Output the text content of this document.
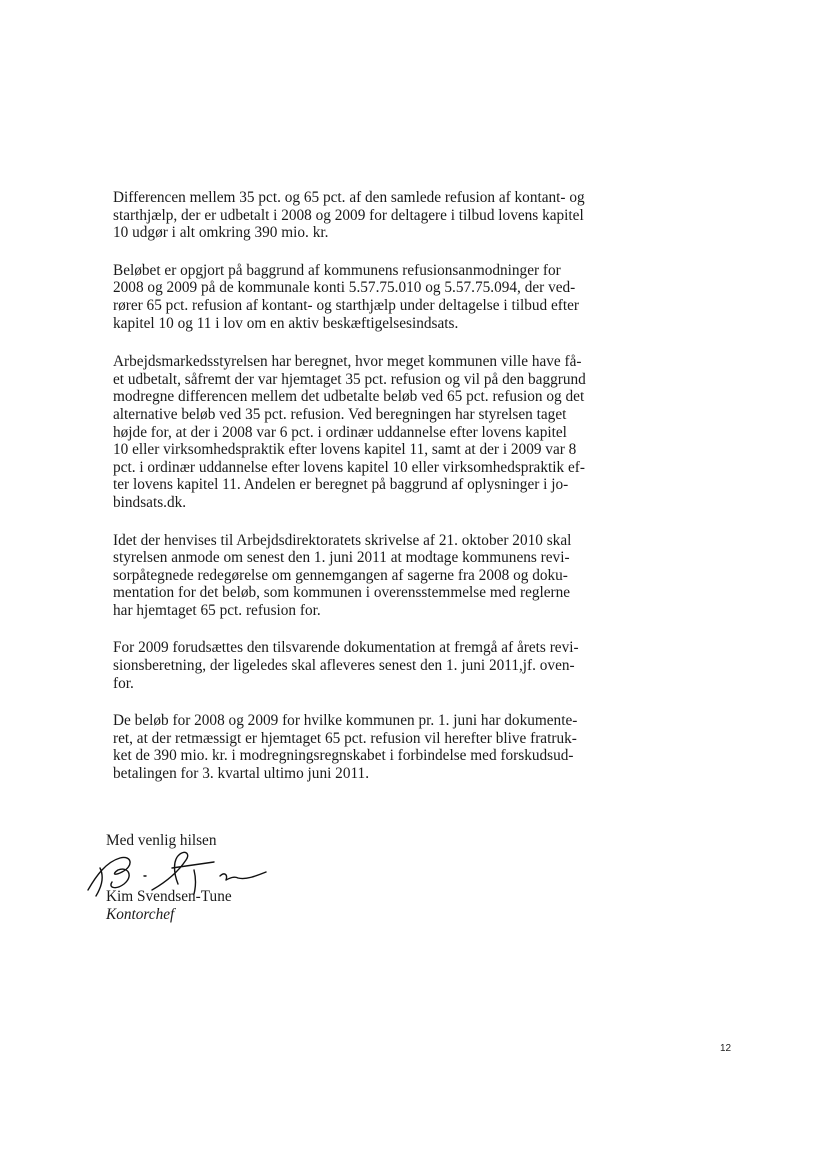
Differencen mellem 35 pct. og 65 pct. af den samlede refusion af kontant- og
starthjælp, der er udbetalt i 2008 og 2009 for deltagere i tilbud lovens kapitel
10 udgør i alt omkring 390 mio. kr.

Beløbet er opgjort på baggrund af kommunens refusionsanmodninger for
2008 og 2009 på de kommunale konti 5.57.75.010 og 5.57.75.094, der ved-
rører 65 pct. refusion af kontant- og starthjælp under deltagelse i tilbud efter
kapitel 10 og 11 i lov om en aktiv beskæftigelsesindsats.

Arbejdsmarkedsstyrelsen har beregnet, hvor meget kommunen ville have få-
et udbetalt, såfremt der var hjemtaget 35 pct. refusion og vil på den baggrund
modregne differencen mellem det udbetalte beløb ved 65 pct. refusion og det
alternative beløb ved 35 pct. refusion. Ved beregningen har styrelsen taget
højde for, at der i 2008 var 6 pct. i ordinær uddannelse efter lovens kapitel
10 eller virksomhedspraktik efter lovens kapitel 11, samt at der i 2009 var 8
pct. i ordinær uddannelse efter lovens kapitel 10 eller virksomhedspraktik ef-
ter lovens kapitel 11. Andelen er beregnet på baggrund af oplysninger i jo-
bindsats.dk.

Idet der henvises til Arbejdsdirektoratets skrivelse af 21. oktober 2010 skal
styrelsen anmode om senest den 1. juni 2011 at modtage kommunens revi-
sorpåtegnede redegørelse om gennemgangen af sagerne fra 2008 og doku-
mentation for det beløb, som kommunen i overensstemmelse med reglerne
har hjemtaget 65 pct. refusion for.

For 2009 forudsættes den tilsvarende dokumentation at fremgå af årets revi-
sionsberetning, der ligeledes skal afleveres senest den 1. juni 2011,jf. oven-
for.

De beløb for 2008 og 2009 for hvilke kommunen pr. 1. juni har dokumente-
ret, at der retmæssigt er hjemtaget 65 pct. refusion vil herefter blive fratruk-
ket de 390 mio. kr. i modregningsregnskabet i forbindelse med forskudsud-
betalingen for 3. kvartal ultimo juni 2011.

Med venlig hilsen
Kim Svendsen-Tune
Kontorchef
12
